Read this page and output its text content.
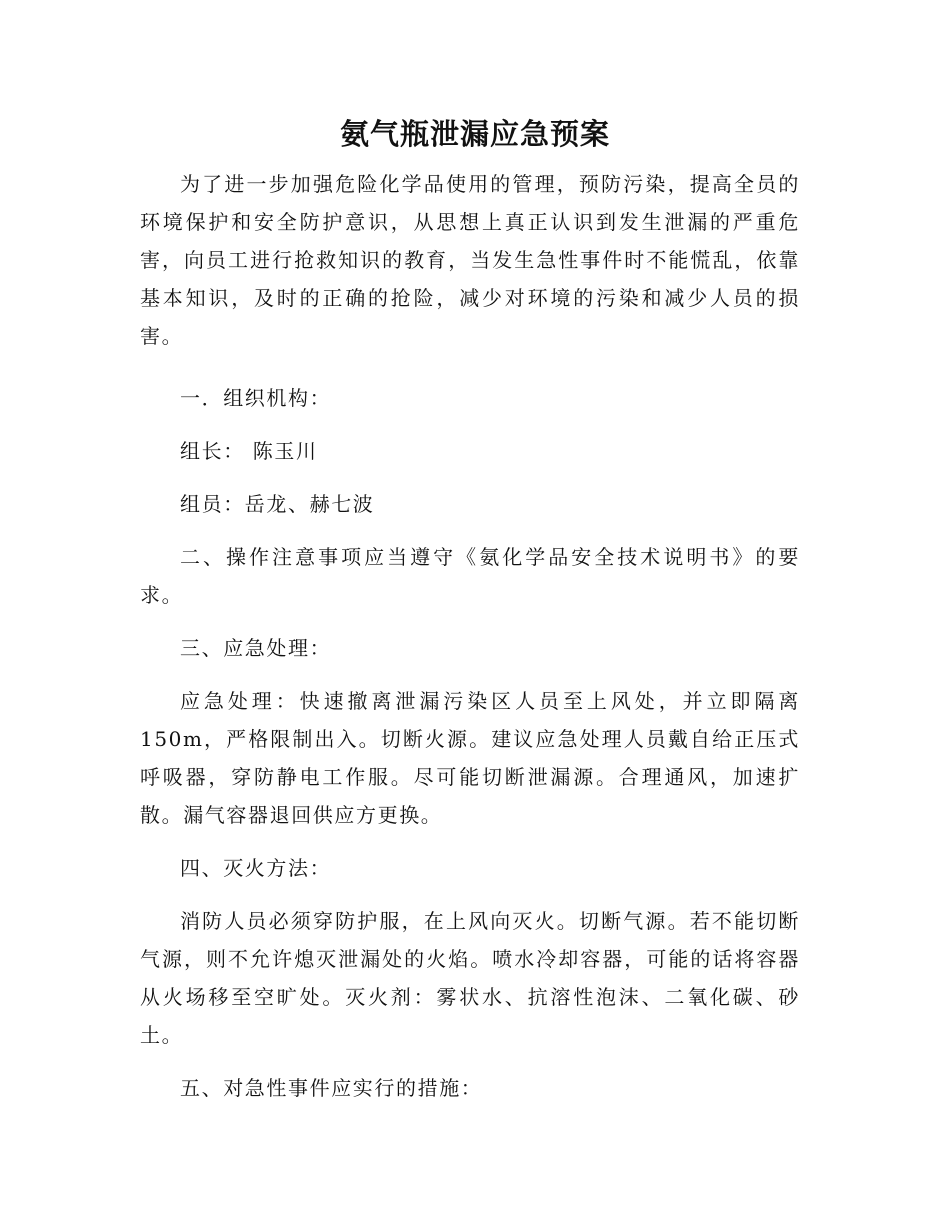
氨气瓶泄漏应急预案

为了进一步加强危险化学品使用的管理，预防污染，提高全员的环境保护和安全防护意识，从思想上真正认识到发生泄漏的严重危害，向员工进行抢救知识的教育，当发生急性事件时不能慌乱，依靠基本知识，及时的正确的抢险，减少对环境的污染和减少人员的损害。

一．组织机构：

组长： 陈玉川

组员：岳龙、赫七波

二、操作注意事项应当遵守《氨化学品安全技术说明书》的要求。

三、应急处理：

应急处理：快速撤离泄漏污染区人员至上风处，并立即隔离150m，严格限制出入。切断火源。建议应急处理人员戴自给正压式呼吸器，穿防静电工作服。尽可能切断泄漏源。合理通风，加速扩散。漏气容器退回供应方更换。

四、灭火方法：

消防人员必须穿防护服，在上风向灭火。切断气源。若不能切断气源，则不允许熄灭泄漏处的火焰。喷水冷却容器，可能的话将容器从火场移至空旷处。灭火剂：雾状水、抗溶性泡沫、二氧化碳、砂土。

五、对急性事件应实行的措施：
